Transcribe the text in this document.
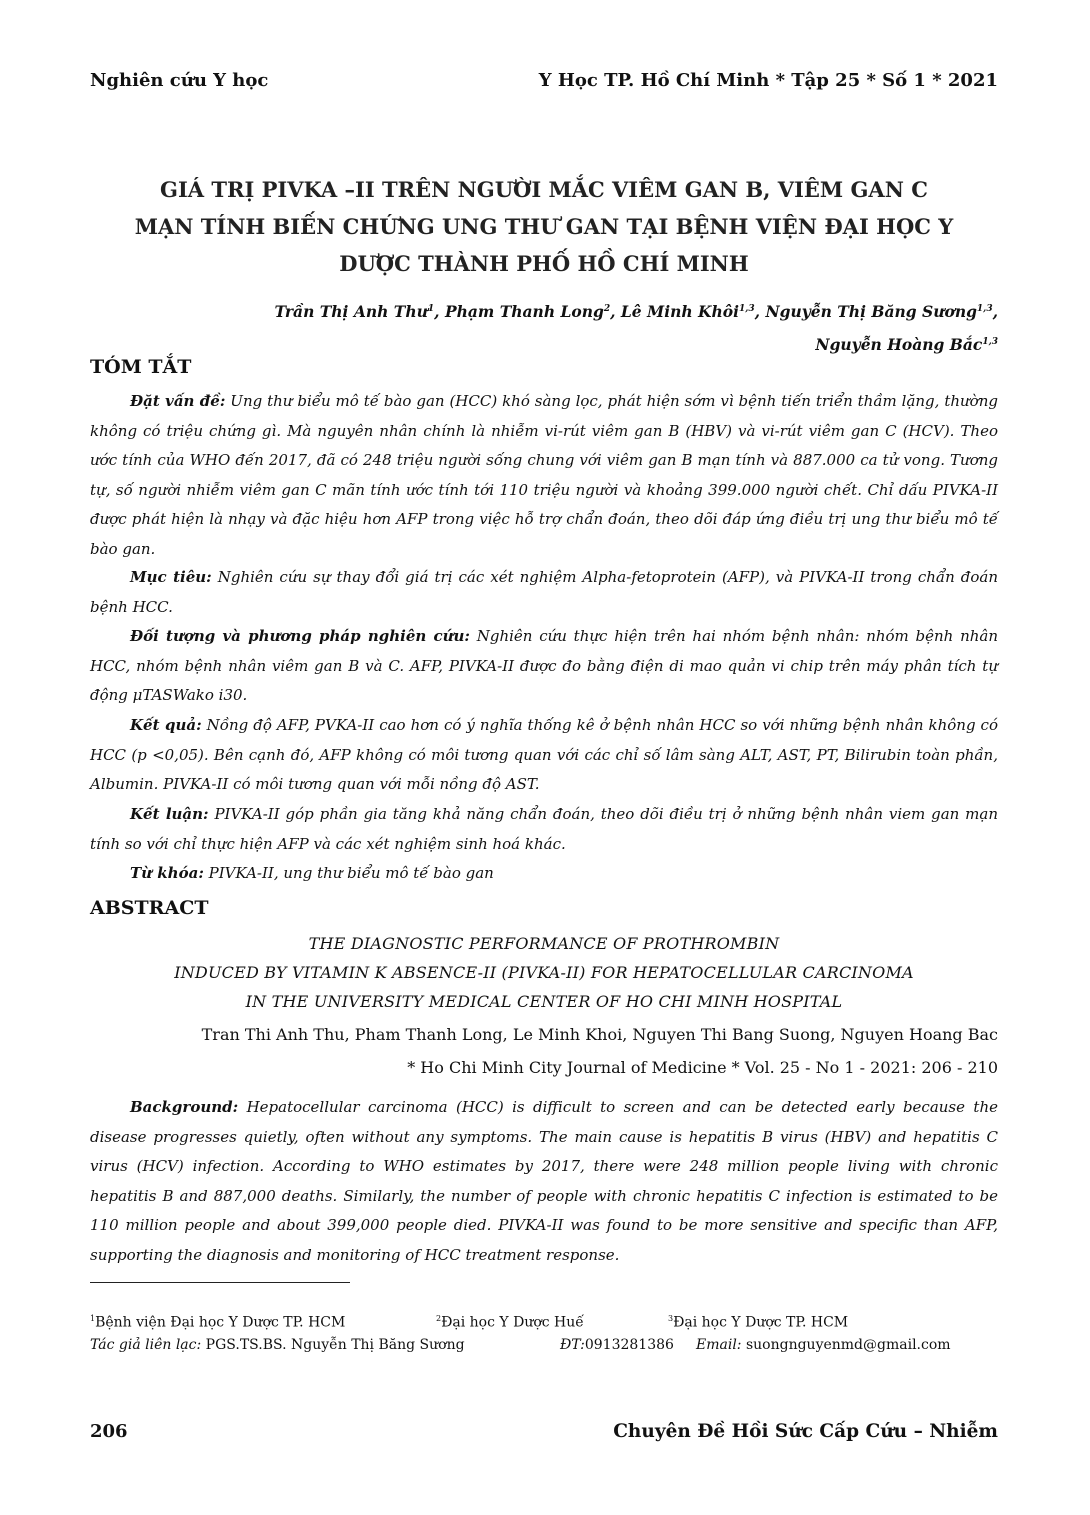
Nghiên cứu Y học	Y Học TP. Hồ Chí Minh * Tập 25 * Số 1 * 2021
GIÁ TRỊ PIVKA –II TRÊN NGƯỜI MẮC VIÊM GAN B, VIÊM GAN C
MẠN TÍNH BIẾN CHỨNG UNG THƯ GAN TẠI BỆNH VIỆN ĐẠI HỌC Y
DƯỢC THÀNH PHỐ HỒ CHÍ MINH
Trần Thị Anh Thư$^1$, Phạm Thanh Long$^2$, Lê Minh Khôi$^{1,3}$, Nguyễn Thị Băng Sương$^{1,3}$,
Nguyễn Hoàng Bắc$^{1,3}$
TÓM TẮT

Đặt vấn đề: Ung thư biểu mô tế bào gan (HCC) khó sàng lọc, phát hiện sớm vì bệnh tiến triển thầm lặng, thường không có triệu chứng gì. Mà nguyên nhân chính là nhiễm vi-rút viêm gan B (HBV) và vi-rút viêm gan C (HCV). Theo ước tính của WHO đến 2017, đã có 248 triệu người sống chung với viêm gan B mạn tính và 887.000 ca tử vong. Tương tự, số người nhiễm viêm gan C mãn tính ước tính tới 110 triệu người và khoảng 399.000 người chết. Chỉ dấu PIVKA-II được phát hiện là nhạy và đặc hiệu hơn AFP trong việc hỗ trợ chẩn đoán, theo dõi đáp ứng điều trị ung thư biểu mô tế bào gan.

Mục tiêu: Nghiên cứu sự thay đổi giá trị các xét nghiệm Alpha-fetoprotein (AFP), và PIVKA-II trong chẩn đoán bệnh HCC.

Đối tượng và phương pháp nghiên cứu: Nghiên cứu thực hiện trên hai nhóm bệnh nhân: nhóm bệnh nhân HCC, nhóm bệnh nhân viêm gan B và C. AFP, PIVKA-II được đo bằng điện di mao quản vi chip trên máy phân tích tự động μTASWako i30.

Kết quả: Nồng độ AFP, PVKA-II cao hơn có ý nghĩa thống kê ở bệnh nhân HCC so với những bệnh nhân không có HCC (p <0,05). Bên cạnh đó, AFP không có môi tương quan với các chỉ số lâm sàng ALT, AST, PT, Bilirubin toàn phần, Albumin. PIVKA-II có môi tương quan với mỗi nồng độ AST.

Kết luận: PIVKA-II góp phần gia tăng khả năng chẩn đoán, theo dõi điều trị ở những bệnh nhân viem gan mạn tính so với chỉ thực hiện AFP và các xét nghiệm sinh hoá khác.

Từ khóa: PIVKA-II, ung thư biểu mô tế bào gan

ABSTRACT
THE DIAGNOSTIC PERFORMANCE OF PROTHROMBIN
INDUCED BY VITAMIN K ABSENCE-II (PIVKA-II) FOR HEPATOCELLULAR CARCINOMA
IN THE UNIVERSITY MEDICAL CENTER OF HO CHI MINH HOSPITAL
Tran Thi Anh Thu, Pham Thanh Long, Le Minh Khoi, Nguyen Thi Bang Suong, Nguyen Hoang Bac
* Ho Chi Minh City Journal of Medicine * Vol. 25 - No 1 - 2021: 206 - 210

Background: Hepatocellular carcinoma (HCC) is difficult to screen and can be detected early because the disease progresses quietly, often without any symptoms. The main cause is hepatitis B virus (HBV) and hepatitis C virus (HCV) infection. According to WHO estimates by 2017, there were 248 million people living with chronic hepatitis B and 887,000 deaths. Similarly, the number of people with chronic hepatitis C infection is estimated to be 110 million people and about 399,000 people died. PIVKA-II was found to be more sensitive and specific than AFP, supporting the diagnosis and monitoring of HCC treatment response.

$^1$Bệnh viện Đại học Y Dược TP. HCM	$^2$Đại học Y Dược Huế	$^3$Đại học Y Dược TP. HCM
Tác giả liên lạc: PGS.TS.BS. Nguyễn Thị Băng Sương	ĐT:0913281386 Email: suongnguyenmd@gmail.com
206	Chuyên Đề Hồi Sức Cấp Cứu – Nhiễm
